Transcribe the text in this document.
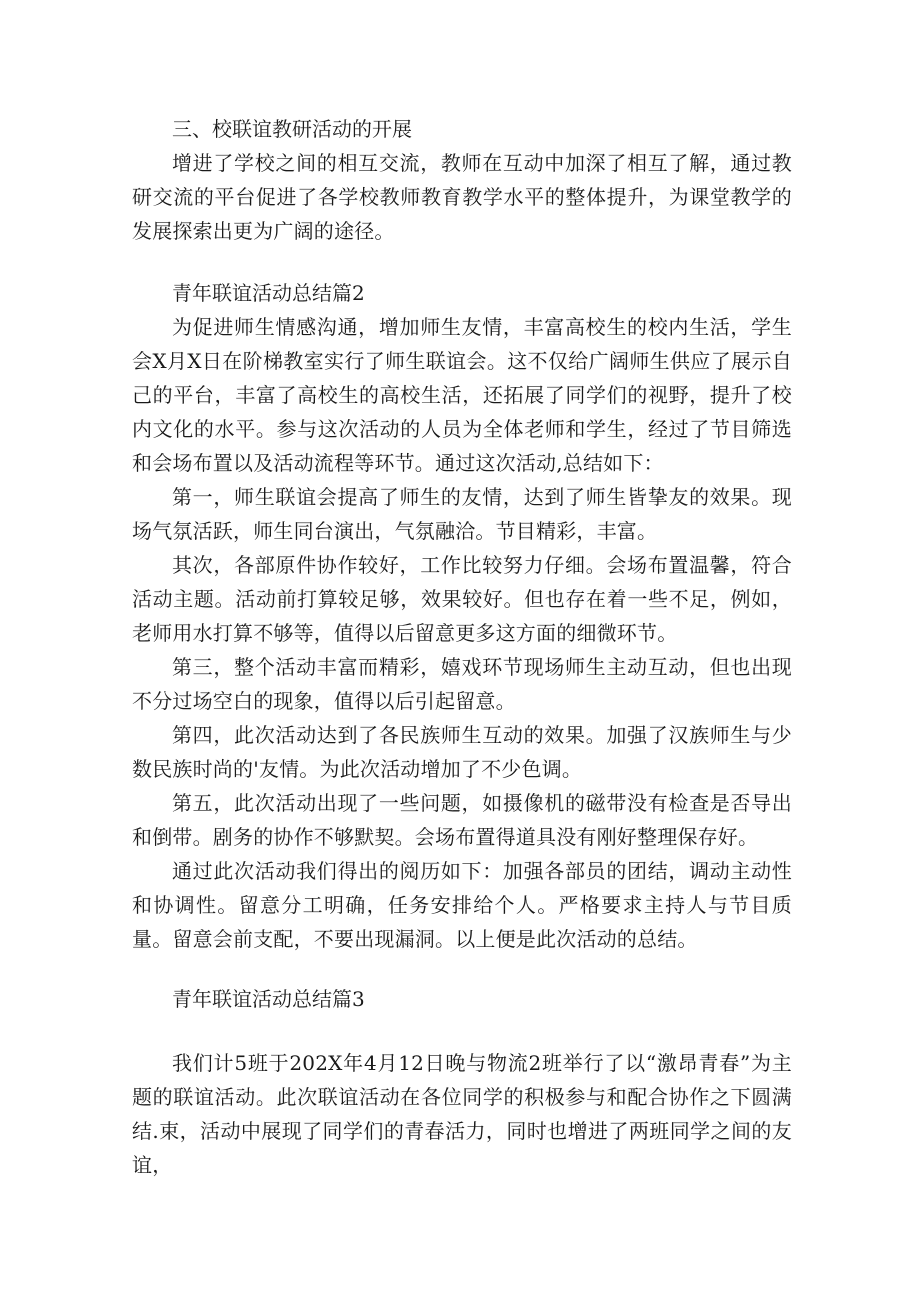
三、校联谊教研活动的开展

增进了学校之间的相互交流，教师在互动中加深了相互了解，通过教研交流的平台促进了各学校教师教育教学水平的整体提升，为课堂教学的发展探索出更为广阔的途径。

青年联谊活动总结篇2

为促进师生情感沟通，增加师生友情，丰富高校生的校内生活，学生会X月X日在阶梯教室实行了师生联谊会。这不仅给广阔师生供应了展示自己的平台，丰富了高校生的高校生活，还拓展了同学们的视野，提升了校内文化的水平。参与这次活动的人员为全体老师和学生，经过了节目筛选和会场布置以及活动流程等环节。通过这次活动,总结如下：

第一，师生联谊会提高了师生的友情，达到了师生皆挚友的效果。现场气氛活跃，师生同台演出，气氛融洽。节目精彩，丰富。

其次，各部原件协作较好，工作比较努力仔细。会场布置温馨，符合活动主题。活动前打算较足够，效果较好。但也存在着一些不足，例如，老师用水打算不够等，值得以后留意更多这方面的细微环节。

第三，整个活动丰富而精彩，嬉戏环节现场师生主动互动，但也出现不分过场空白的现象，值得以后引起留意。

第四，此次活动达到了各民族师生互动的效果。加强了汉族师生与少数民族时尚的'友情。为此次活动增加了不少色调。

第五，此次活动出现了一些问题，如摄像机的磁带没有检查是否导出和倒带。剧务的协作不够默契。会场布置得道具没有刚好整理保存好。

通过此次活动我们得出的阅历如下：加强各部员的团结，调动主动性和协调性。留意分工明确，任务安排给个人。严格要求主持人与节目质量。留意会前支配，不要出现漏洞。以上便是此次活动的总结。

青年联谊活动总结篇3

我们计5班于202X年4月12日晚与物流2班举行了以“激昂青春”为主题的联谊活动。此次联谊活动在各位同学的积极参与和配合协作之下圆满结.束，活动中展现了同学们的青春活力，同时也增进了两班同学之间的友谊，
